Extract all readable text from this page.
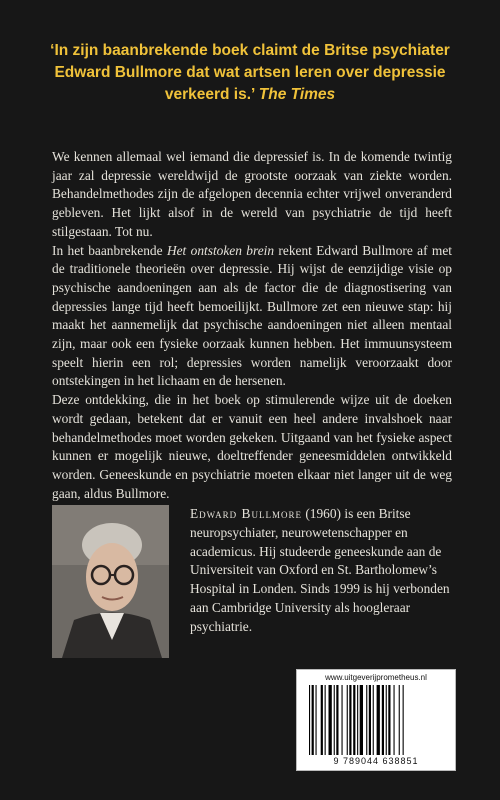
‘In zijn baanbrekende boek claimt de Britse psychiater Edward Bullmore dat wat artsen leren over depressie verkeerd is.’ The Times

We kennen allemaal wel iemand die depressief is. In de komende twintig jaar zal depressie wereldwijd de grootste oorzaak van ziekte worden. Behandelmethodes zijn de afgelopen decennia echter vrijwel onveranderd gebleven. Het lijkt alsof in de wereld van psychiatrie de tijd heeft stilgestaan. Tot nu.

In het baanbrekende Het ontstoken brein rekent Edward Bullmore af met de traditionele theorieën over depressie. Hij wijst de eenzijdige visie op psychische aandoeningen aan als de factor die de diagnostisering van depressies lange tijd heeft bemoeilijkt. Bullmore zet een nieuwe stap: hij maakt het aannemelijk dat psychische aandoeningen niet alleen mentaal zijn, maar ook een fysieke oorzaak kunnen hebben. Het immuunsysteem speelt hierin een rol; depressies worden namelijk veroorzaakt door ontstekingen in het lichaam en de hersenen.

Deze ontdekking, die in het boek op stimulerende wijze uit de doeken wordt gedaan, betekent dat er vanuit een heel andere invalshoek naar behandelmethodes moet worden gekeken. Uitgaand van het fysieke aspect kunnen er mogelijk nieuwe, doeltreffender geneesmiddelen ontwikkeld worden. Geneeskunde en psychiatrie moeten elkaar niet langer uit de weg gaan, aldus Bullmore.

Edward Bullmore (1960) is een Britse neuropsychiater, neurowetenschapper en academicus. Hij studeerde geneeskunde aan de Universiteit van Oxford en St. Bartholomew’s Hospital in Londen. Sinds 1999 is hij verbonden aan Cambridge University als hoogleraar psychiatrie.
www.uitgeverijprometheus.nl
9 789044 638851
